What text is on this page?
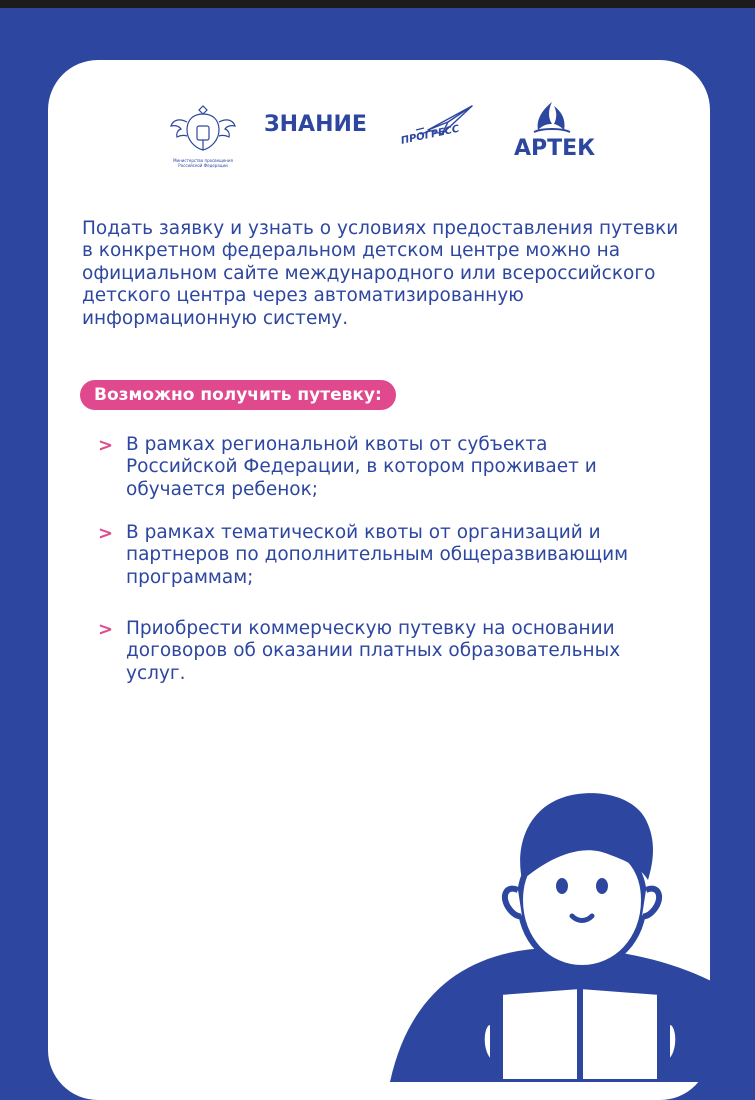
Министерство просвещения Российской Федерации
ЗНАНИЕ	ПРОГРЕСС
АРТЕК
Подать заявку и узнать о условиях предоставления путевки в конкретном федеральном детском центре можно на официальном сайте международного или всероссийского детского центра через автоматизированную информационную систему.
Возможно получить путевку:
> В рамках региональной квоты от субъекта Российской Федерации, в котором проживает и обучается ребенок;
> В рамках тематической квоты от организаций и партнеров по дополнительным общеразвивающим программам;
> Приобрести коммерческую путевку на основании договоров об оказании платных образовательных услуг.
